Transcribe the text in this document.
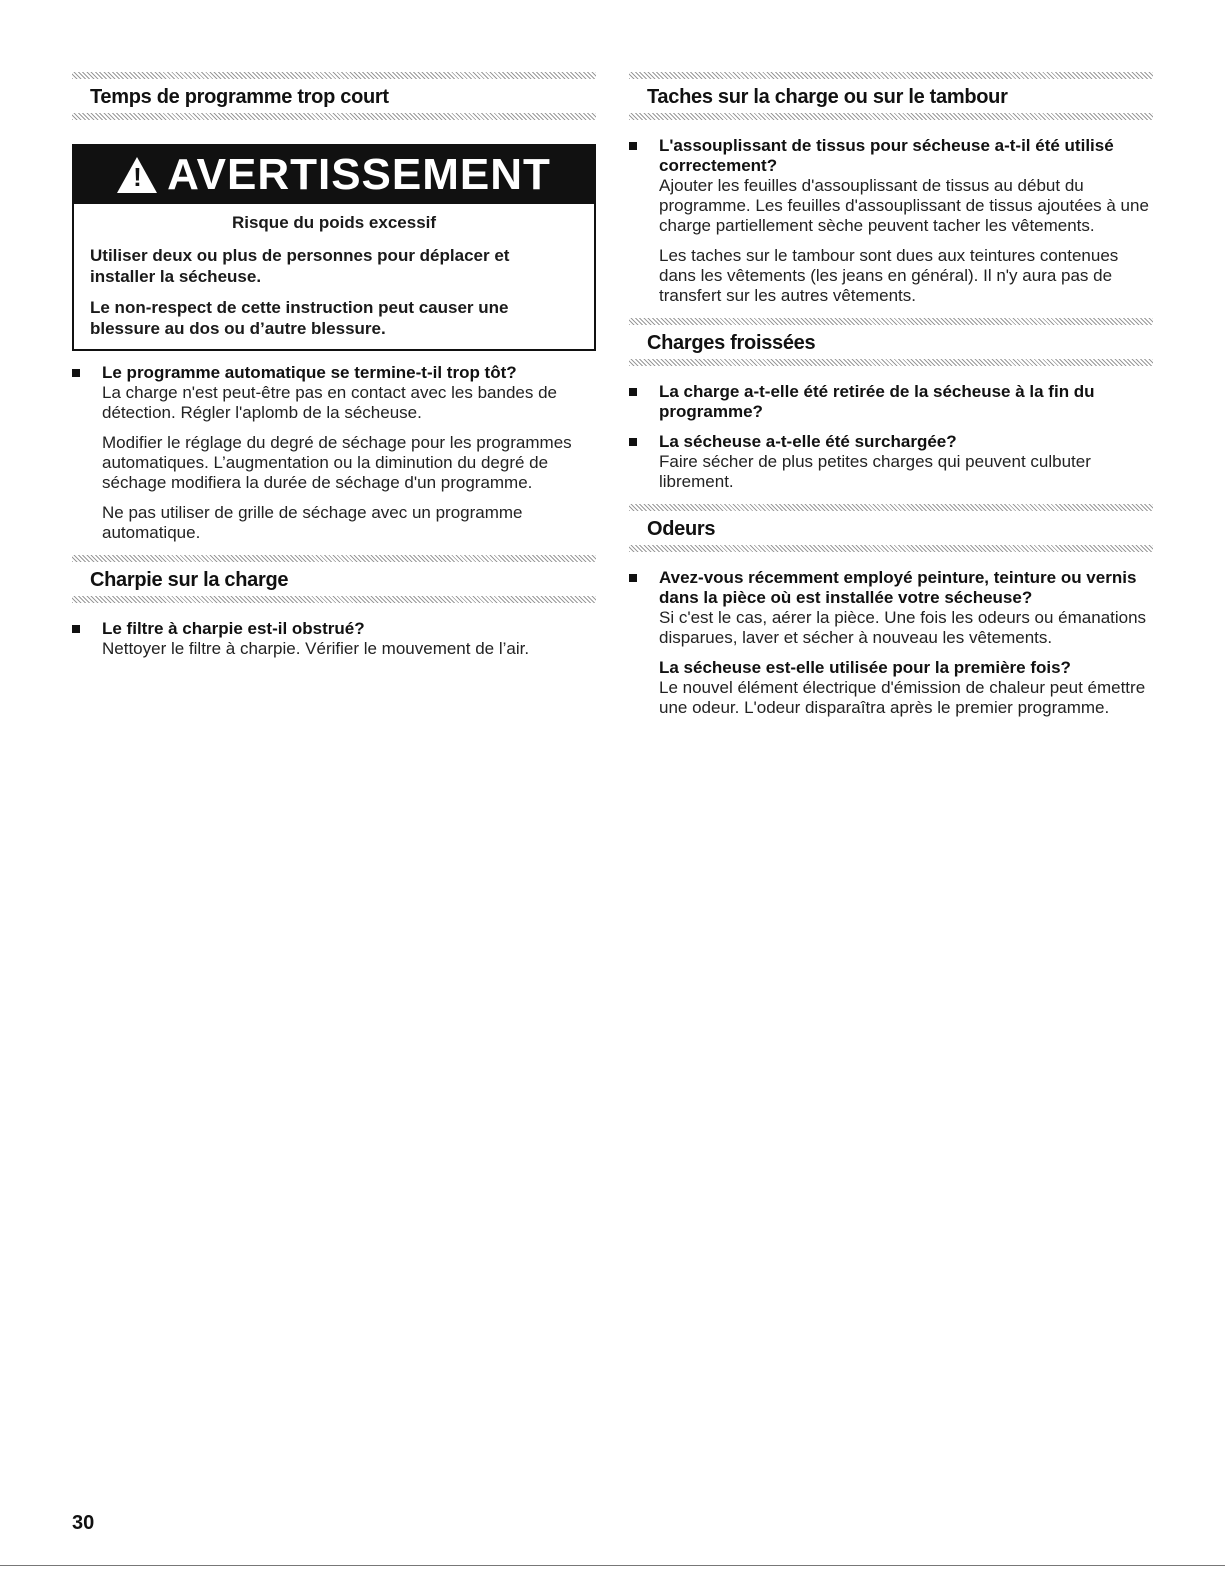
Temps de programme trop court
!
AVERTISSEMENT

Risque du poids excessif

Utiliser deux ou plus de personnes pour déplacer et installer la sécheuse.

Le non-respect de cette instruction peut causer une blessure au dos ou d’autre blessure.

Le programme automatique se termine-t-il trop tôt?

La charge n'est peut-être pas en contact avec les bandes de détection. Régler l'aplomb de la sécheuse.

Modifier le réglage du degré de séchage pour les programmes automatiques. L’augmentation ou la diminution du degré de séchage modifiera la durée de séchage d'un programme.

Ne pas utiliser de grille de séchage avec un programme automatique.

Charpie sur la charge

Le filtre à charpie est-il obstrué?

Nettoyer le filtre à charpie. Vérifier le mouvement de l’air.

Taches sur la charge ou sur le tambour

L'assouplissant de tissus pour sécheuse a-t-il été utilisé correctement?

Ajouter les feuilles d'assouplissant de tissus au début du programme. Les feuilles d'assouplissant de tissus ajoutées à une charge partiellement sèche peuvent tacher les vêtements.

Les taches sur le tambour sont dues aux teintures contenues dans les vêtements (les jeans en général). Il n'y aura pas de transfert sur les autres vêtements.

Charges froissées

La charge a-t-elle été retirée de la sécheuse à la fin du programme?

La sécheuse a-t-elle été surchargée?

Faire sécher de plus petites charges qui peuvent culbuter librement.

Odeurs

Avez-vous récemment employé peinture, teinture ou vernis dans la pièce où est installée votre sécheuse?

Si c'est le cas, aérer la pièce. Une fois les odeurs ou émanations disparues, laver et sécher à nouveau les vêtements.

La sécheuse est-elle utilisée pour la première fois?

Le nouvel élément électrique d'émission de chaleur peut émettre une odeur. L'odeur disparaîtra après le premier programme.

30
